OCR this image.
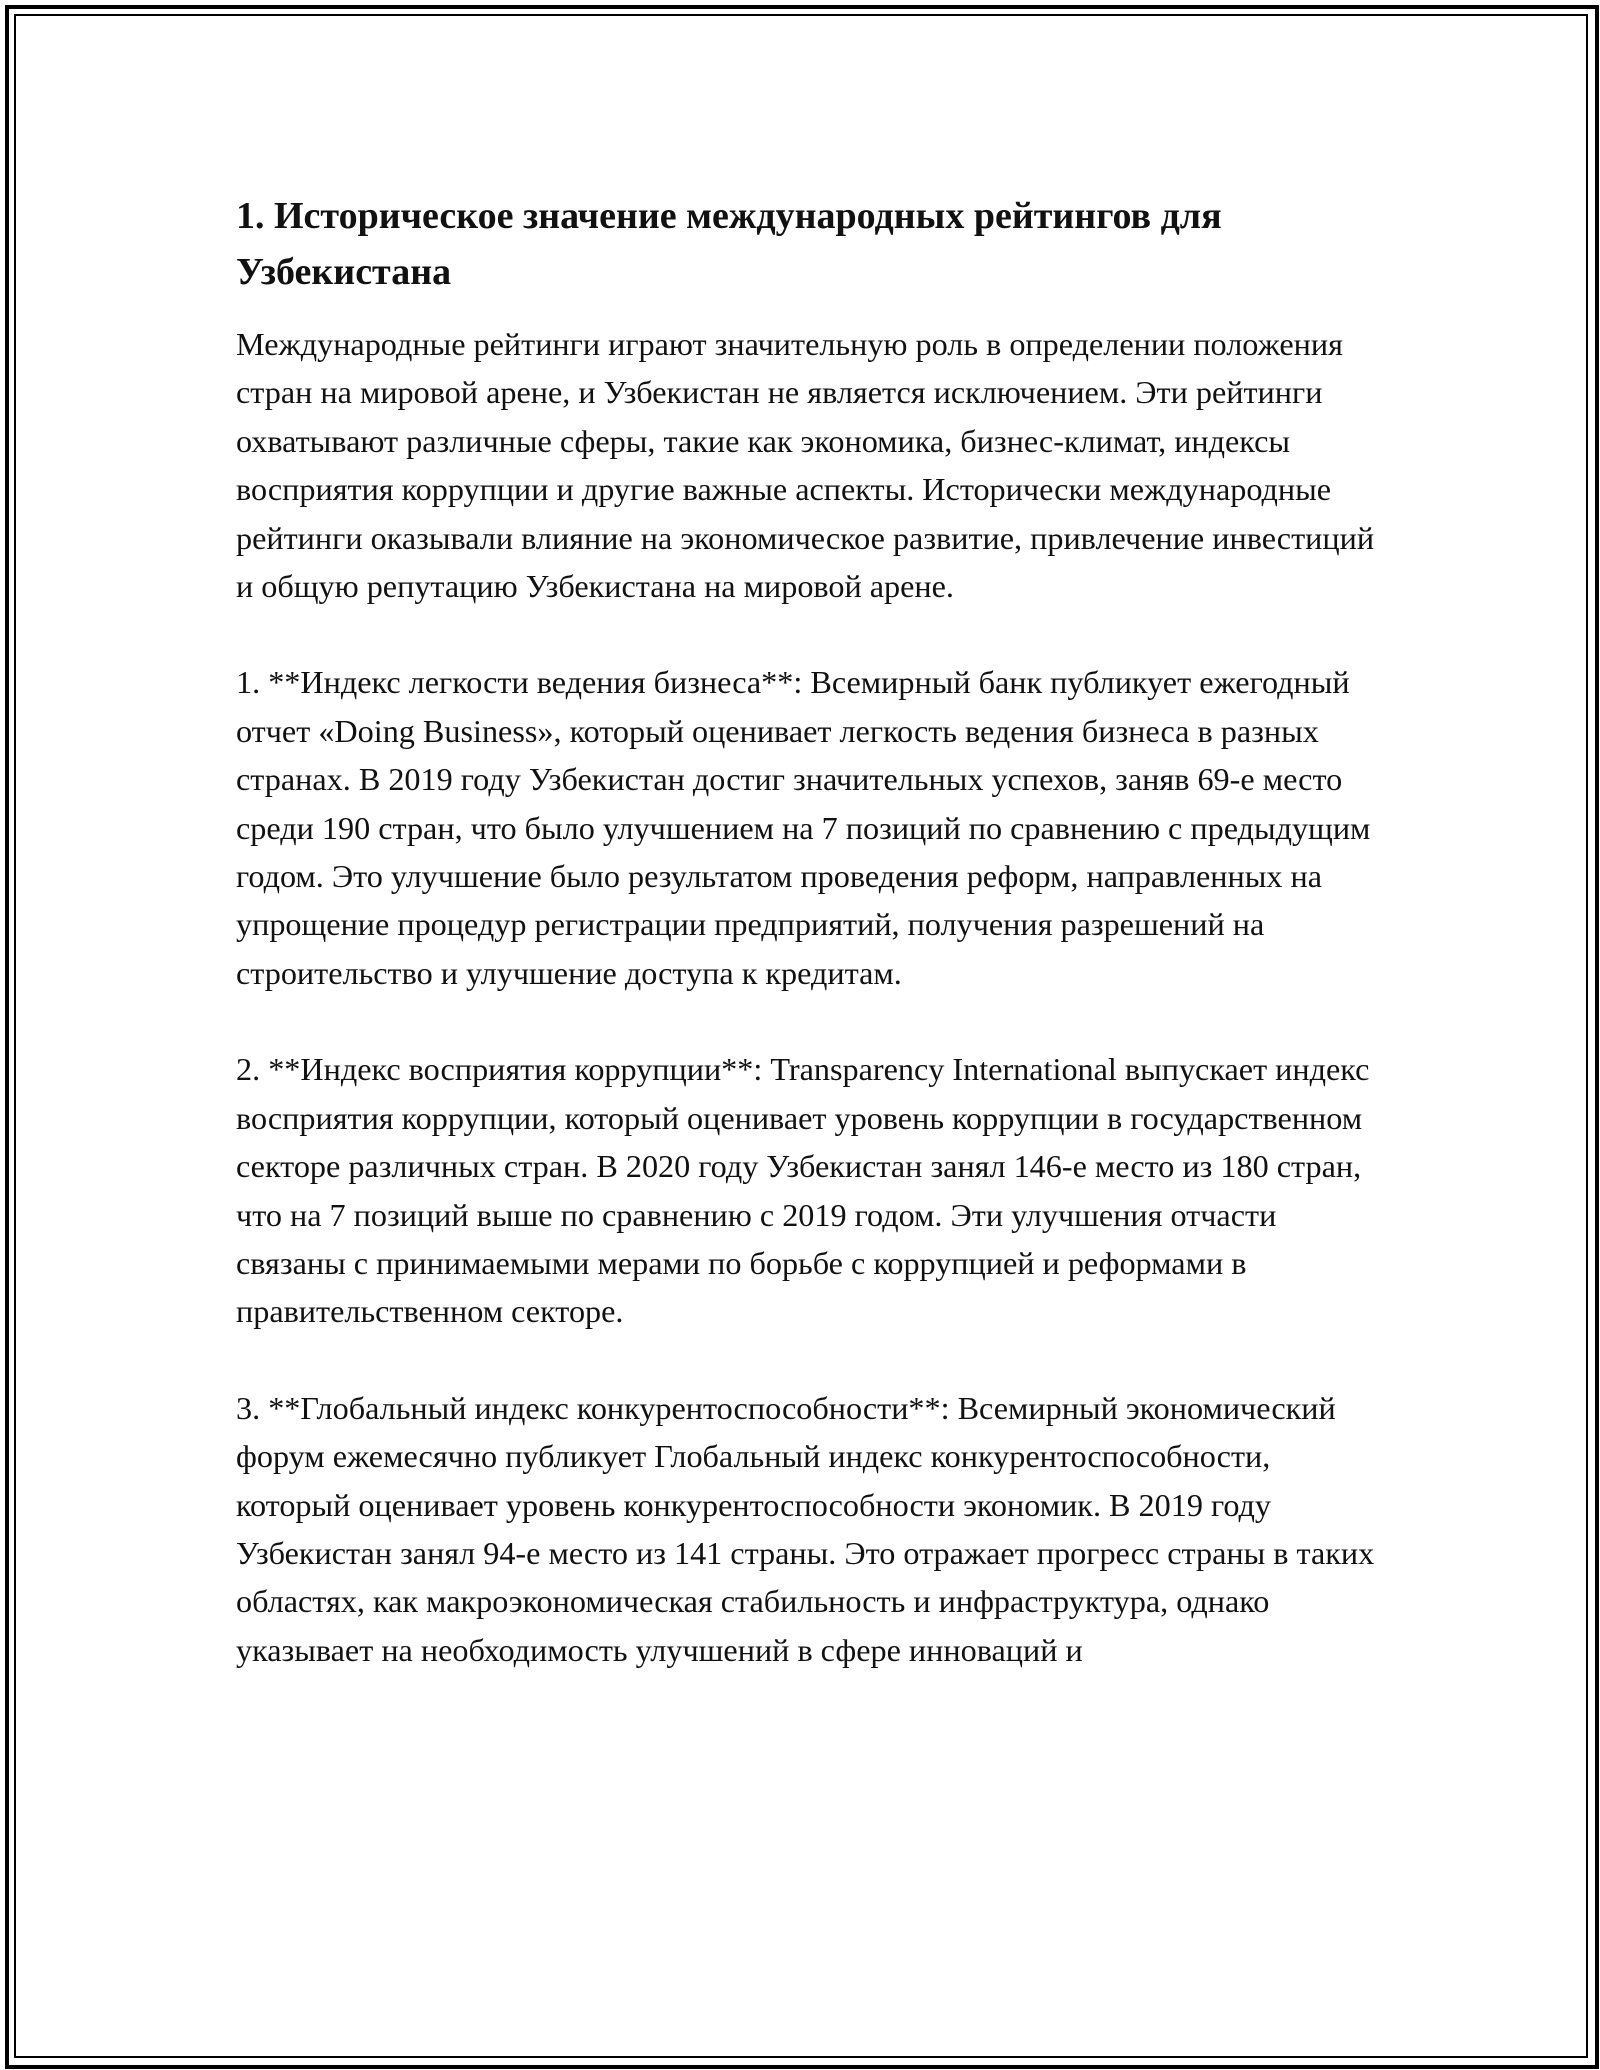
1. Историческое значение международных рейтингов для Узбекистана

Международные рейтинги играют значительную роль в определении положения стран на мировой арене, и Узбекистан не является исключением. Эти рейтинги охватывают различные сферы, такие как экономика, бизнес-климат, индексы восприятия коррупции и другие важные аспекты. Исторически международные рейтинги оказывали влияние на экономическое развитие, привлечение инвестиций и общую репутацию Узбекистана на мировой арене.

1. **Индекс легкости ведения бизнеса**: Всемирный банк публикует ежегодный отчет «Doing Business», который оценивает легкость ведения бизнеса в разных странах. В 2019 году Узбекистан достиг значительных успехов, заняв 69-е место среди 190 стран, что было улучшением на 7 позиций по сравнению с предыдущим годом. Это улучшение было результатом проведения реформ, направленных на упрощение процедур регистрации предприятий, получения разрешений на строительство и улучшение доступа к кредитам.

2. **Индекс восприятия коррупции**: Transparency International выпускает индекс восприятия коррупции, который оценивает уровень коррупции в государственном секторе различных стран. В 2020 году Узбекистан занял 146-е место из 180 стран, что на 7 позиций выше по сравнению с 2019 годом. Эти улучшения отчасти связаны с принимаемыми мерами по борьбе с коррупцией и реформами в правительственном секторе.

3. **Глобальный индекс конкурентоспособности**: Всемирный экономический форум ежемесячно публикует Глобальный индекс конкурентоспособности, который оценивает уровень конкурентоспособности экономик. В 2019 году Узбекистан занял 94-е место из 141 страны. Это отражает прогресс страны в таких областях, как макроэкономическая стабильность и инфраструктура, однако указывает на необходимость улучшений в сфере инноваций и
